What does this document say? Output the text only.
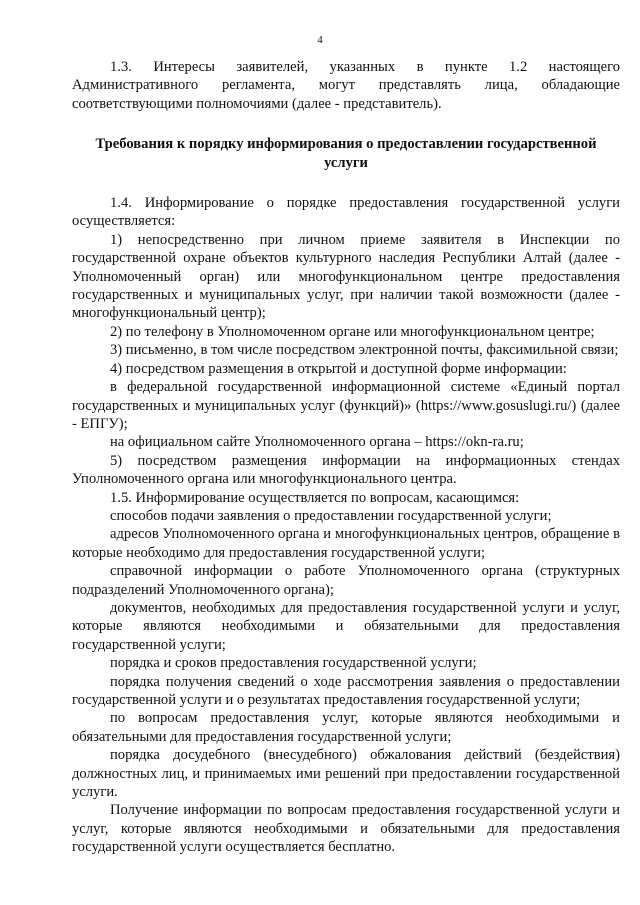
4

1.3. Интересы заявителей, указанных в пункте 1.2 настоящего Административного регламента, могут представлять лица, обладающие соответствующими полномочиями (далее - представитель).

Требования к порядку информирования о предоставлении государственной услуги

1.4. Информирование о порядке предоставления государственной услуги осуществляется:

1) непосредственно при личном приеме заявителя в Инспекции по государственной охране объектов культурного наследия Республики Алтай (далее - Уполномоченный орган) или многофункциональном центре предоставления государственных и муниципальных услуг, при наличии такой возможности (далее - многофункциональный центр);

2) по телефону в Уполномоченном органе или многофункциональном центре;

3) письменно, в том числе посредством электронной почты, факсимильной связи;

4) посредством размещения в открытой и доступной форме информации:

в федеральной государственной информационной системе «Единый портал государственных и муниципальных услуг (функций)» (https://www.gosuslugi.ru/) (далее - ЕПГУ);

на официальном сайте Уполномоченного органа – https://okn-ra.ru;

5) посредством размещения информации на информационных стендах Уполномоченного органа или многофункционального центра.

1.5. Информирование осуществляется по вопросам, касающимся:

способов подачи заявления о предоставлении государственной услуги;

адресов Уполномоченного органа и многофункциональных центров, обращение в которые необходимо для предоставления государственной услуги;

справочной информации о работе Уполномоченного органа (структурных подразделений Уполномоченного органа);

документов, необходимых для предоставления государственной услуги и услуг, которые являются необходимыми и обязательными для предоставления государственной услуги;

порядка и сроков предоставления государственной услуги;

порядка получения сведений о ходе рассмотрения заявления о предоставлении государственной услуги и о результатах предоставления государственной услуги;

по вопросам предоставления услуг, которые являются необходимыми и обязательными для предоставления государственной услуги;

порядка досудебного (внесудебного) обжалования действий (бездействия) должностных лиц, и принимаемых ими решений при предоставлении государственной услуги.

Получение информации по вопросам предоставления государственной услуги и услуг, которые являются необходимыми и обязательными для предоставления государственной услуги осуществляется бесплатно.
